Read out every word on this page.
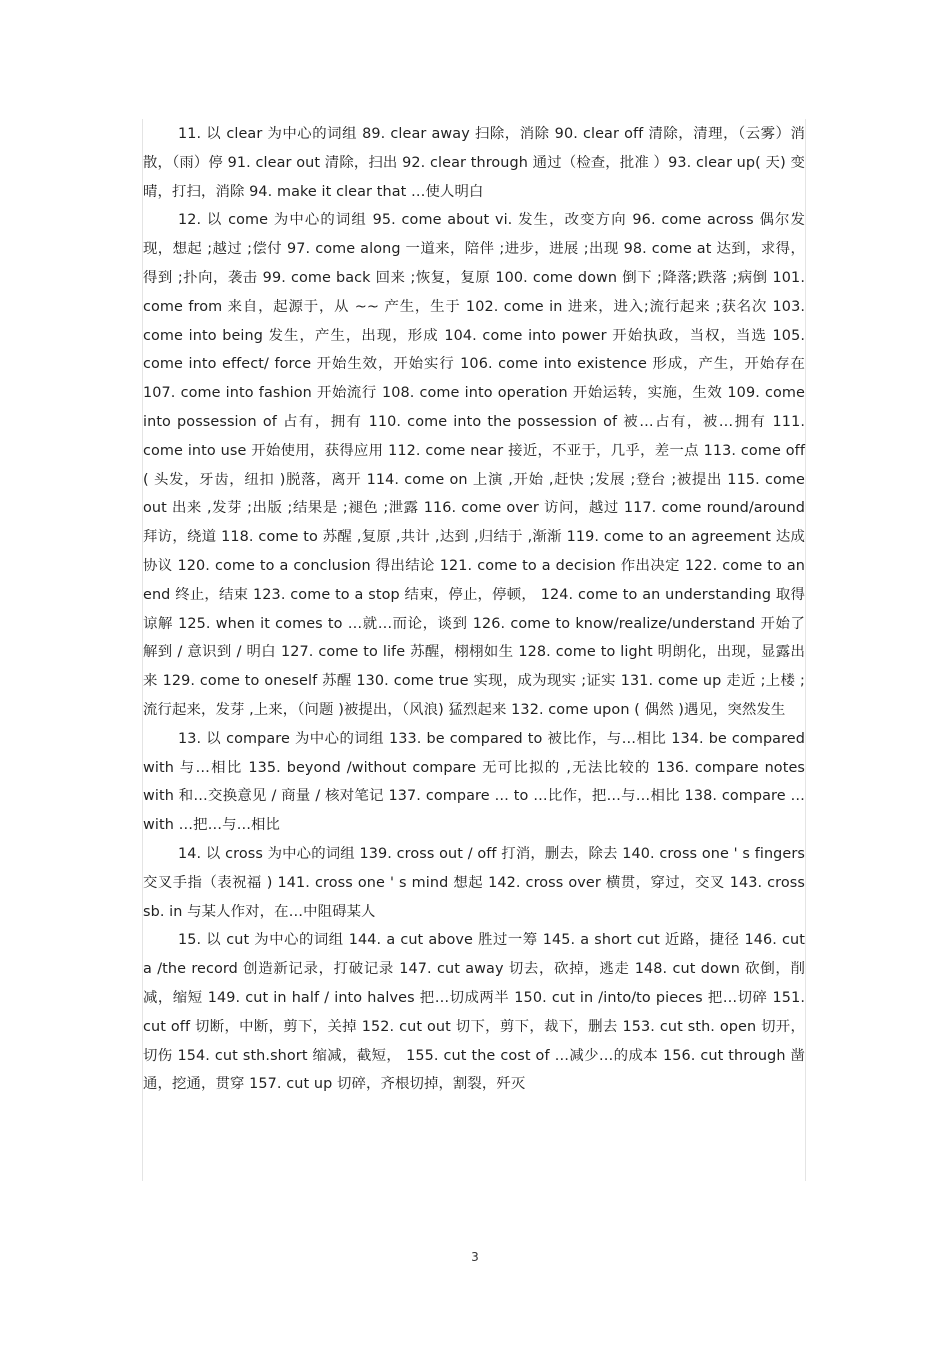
11. 以 clear 为中心的词组 89. clear away 扫除，消除 90. clear off 清除，清理，（云雾）消散，（雨）停 91. clear out 清除，扫出 92. clear through 通过（检查，批准 ）93. clear up( 天) 变晴，打扫，消除 94. make it clear that …使人明白

12. 以 come 为中心的词组 95. come about vi. 发生，改变方向 96. come across 偶尔发现，想起 ;越过 ;偿付 97. come along 一道来，陪伴 ;进步，进展 ;出现 98. come at 达到，求得，得到 ;扑向，袭击 99. come back 回来 ;恢复，复原 100. come down 倒下 ;降落;跌落 ;病倒 101. come from 来自，起源于，从 ~~ 产生，生于 102. come in 进来，进入;流行起来 ;获名次 103. come into being 发生，产生，出现，形成 104. come into power 开始执政，当权，当选 105. come into effect/ force 开始生效，开始实行 106. come into existence 形成，产生，开始存在 107. come into fashion 开始流行 108. come into operation 开始运转，实施，生效 109. come into possession of 占有，拥有 110. come into the possession of 被…占有，被…拥有 111. come into use 开始使用，获得应用 112. come near 接近，不亚于，几乎，差一点 113. come off ( 头发，牙齿，纽扣 )脱落，离开 114. come on 上演 ,开始 ,赶快 ;发展 ;登台 ;被提出 115. come out 出来 ,发芽 ;出版 ;结果是 ;褪色 ;泄露 116. come over 访问，越过 117. come round/around 拜访，绕道 118. come to 苏醒 ,复原 ,共计 ,达到 ,归结于 ,渐渐 119. come to an agreement 达成协议 120. come to a conclusion 得出结论 121. come to a decision 作出决定 122. come to an end 终止，结束 123. come to a stop 结束，停止，停顿， 124. come to an understanding 取得谅解 125. when it comes to …就…而论，谈到 126. come to know/realize/understand 开始了解到 / 意识到 / 明白 127. come to life 苏醒，栩栩如生 128. come to light 明朗化，出现，显露出来 129. come to oneself 苏醒 130. come true 实现，成为现实 ;证实 131. come up 走近 ;上楼 ;流行起来，发芽 ,上来，（问题 )被提出，（风浪) 猛烈起来 132. come upon ( 偶然 )遇见，突然发生

13. 以 compare 为中心的词组 133. be compared to 被比作，与…相比 134. be compared with 与…相比 135. beyond /without compare 无可比拟的 ,无法比较的 136. compare notes with 和…交换意见 / 商量 / 核对笔记 137. compare … to …比作，把…与…相比 138. compare … with …把…与…相比

14. 以 cross 为中心的词组 139. cross out / off 打消，删去，除去 140. cross one ' s fingers 交叉手指（表祝福 ) 141. cross one ' s mind 想起 142. cross over 横贯，穿过，交叉 143. cross sb. in 与某人作对，在…中阻碍某人

15. 以 cut 为中心的词组 144. a cut above 胜过一筹 145. a short cut 近路，捷径 146. cut a /the record 创造新记录，打破记录 147. cut away 切去，砍掉，逃走 148. cut down 砍倒，削减，缩短 149. cut in half / into halves 把…切成两半 150. cut in /into/to pieces 把…切碎 151. cut off 切断，中断，剪下，关掉 152. cut out 切下，剪下，裁下，删去 153. cut sth. open 切开，切伤 154. cut sth.short 缩减，截短， 155. cut the cost of …减少…的成本 156. cut through 凿通，挖通，贯穿 157. cut up 切碎，齐根切掉，割裂，歼灭

3
